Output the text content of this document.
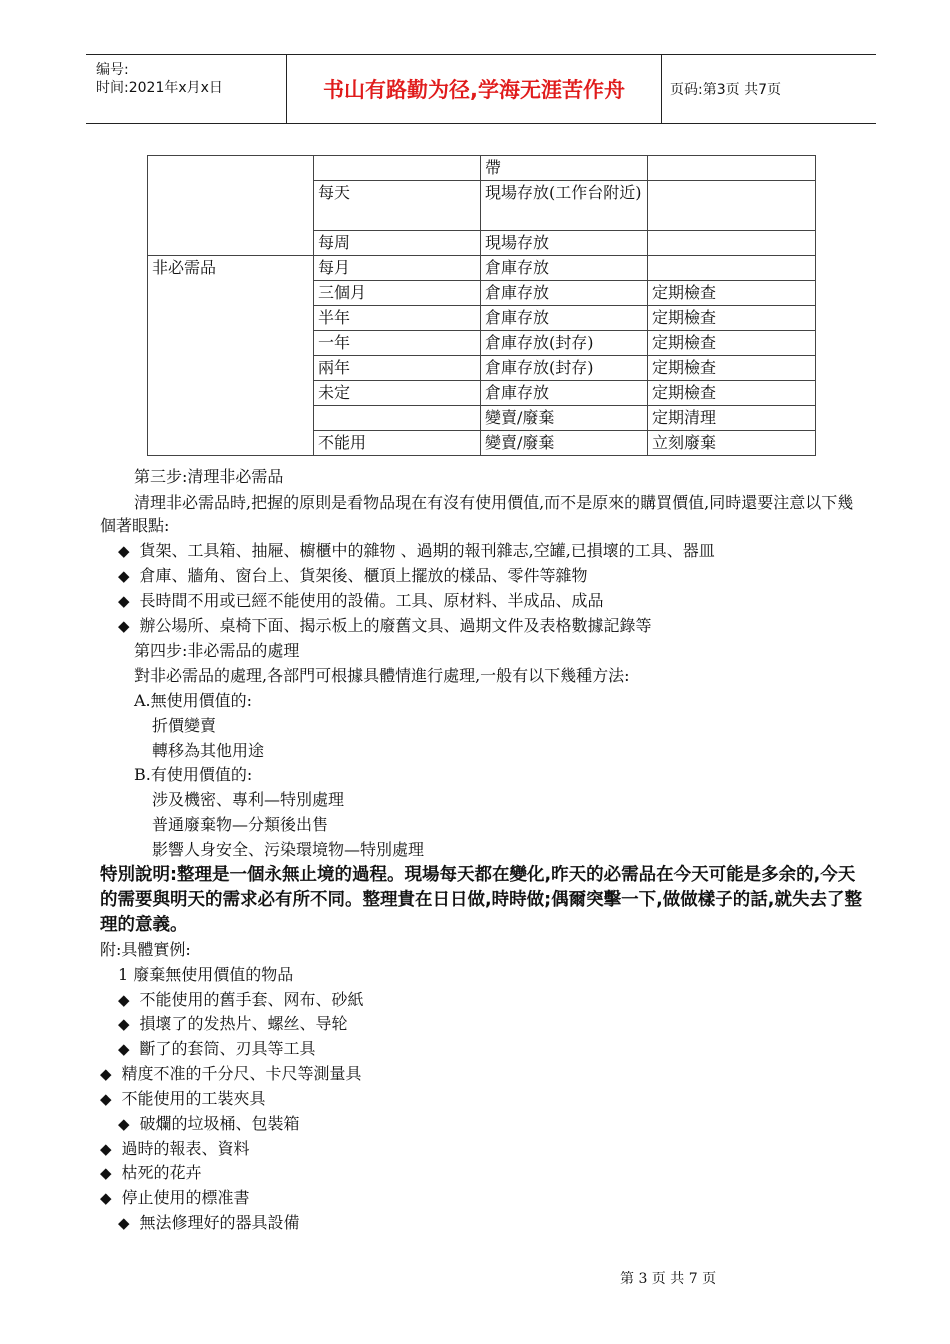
编号:
时间:2021年x月x日	书山有路勤为径,学海无涯苦作舟	页码:第3页 共7页
		帶	
	每天	現場存放(工作台附近)	
	每周	現場存放	
非必需品	每月	倉庫存放	
	三個月	倉庫存放	定期檢查
	半年	倉庫存放	定期檢查
	一年	倉庫存放(封存)	定期檢查
	兩年	倉庫存放(封存)	定期檢查
	未定	倉庫存放	定期檢查
		變賣/廢棄	定期清理
	不能用	變賣/廢棄	立刻廢棄
第三步:清理非必需品
清理非必需品時,把握的原則是看物品現在有沒有使用價值,而不是原來的購買價值,同時還要注意以下幾個著眼點:
◆ 貨架、工具箱、抽屜、櫥櫃中的雜物 、過期的報刊雜志,空罐,已損壞的工具、器皿
◆ 倉庫、牆角、窗台上、貨架後、櫃頂上擺放的樣品、零件等雜物
◆ 長時間不用或已經不能使用的設備。工具、原材料、半成品、成品
◆ 辦公場所、桌椅下面、揭示板上的廢舊文具、過期文件及表格數據記錄等
第四步:非必需品的處理
對非必需品的處理,各部門可根據具體情進行處理,一般有以下幾種方法:
A.無使用價值的:
折價變賣
轉移為其他用途
B.有使用價值的:
涉及機密、專利—特別處理
普通廢棄物—分類後出售
影響人身安全、污染環境物—特別處理
特別說明:整理是一個永無止境的過程。現場每天都在變化,昨天的必需品在今天可能是多余的,今天的需要與明天的需求必有所不同。整理貴在日日做,時時做;偶爾突擊一下,做做樣子的話,就失去了整理的意義。
附:具體實例:
1 廢棄無使用價值的物品
◆ 不能使用的舊手套、网布、砂紙
◆ 損壞了的发热片、螺丝、导轮
◆ 斷了的套筒、刃具等工具
◆ 精度不准的千分尺、卡尺等測量具
◆ 不能使用的工裝夾具
◆ 破爛的垃圾桶、包裝箱
◆ 過時的報表、資料
◆ 枯死的花卉
◆ 停止使用的標准書
◆ 無法修理好的器具設備
第 3 页 共 7 页
